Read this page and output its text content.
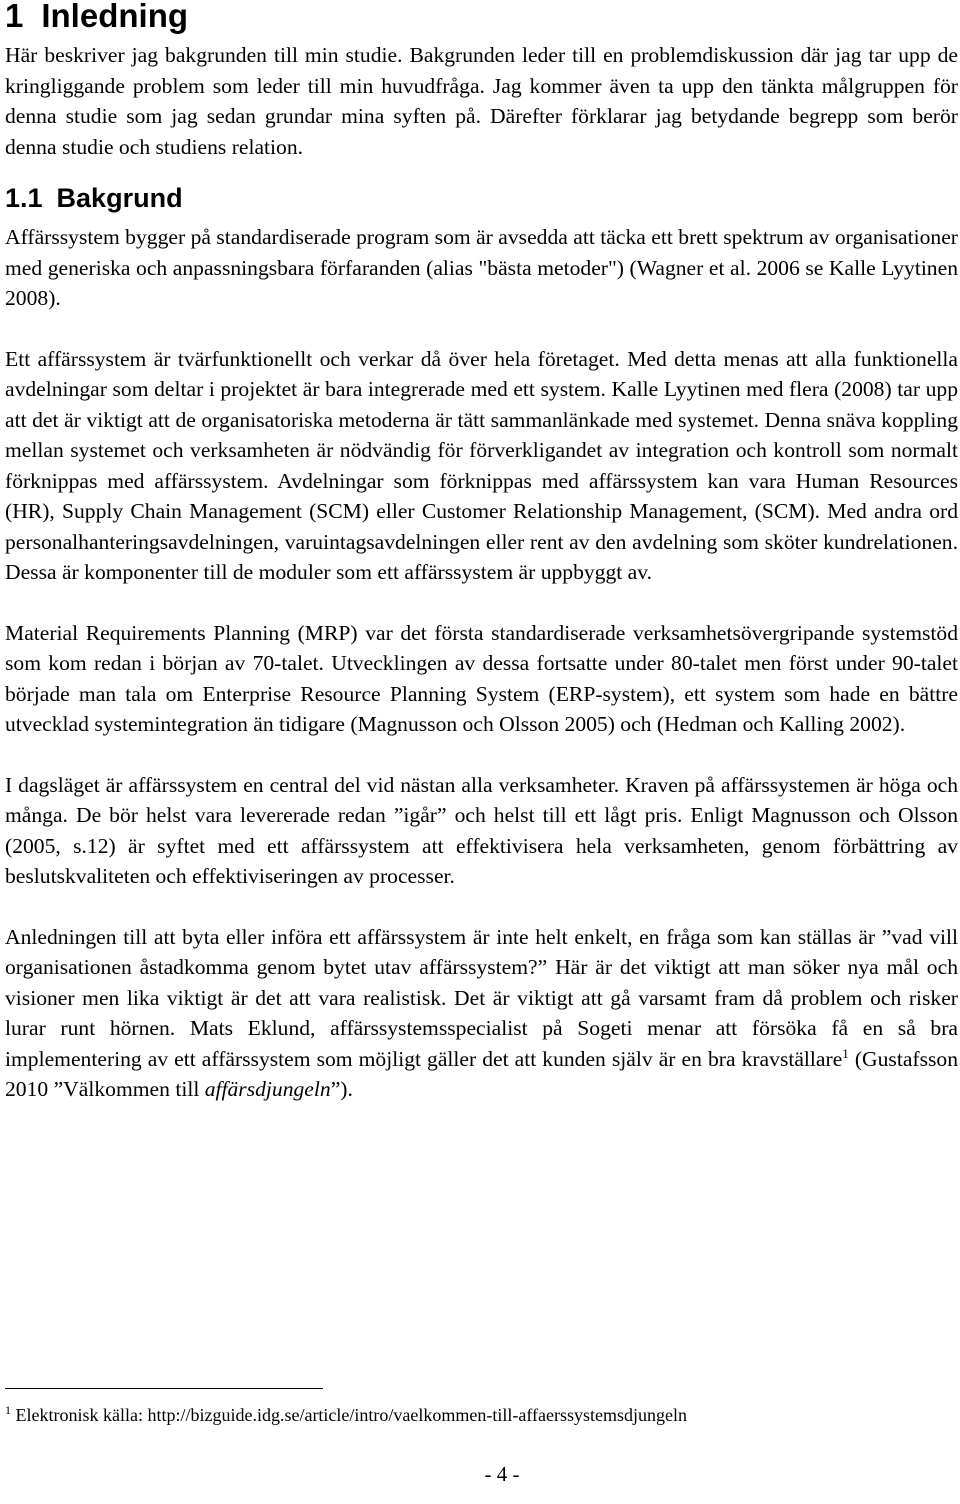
1 Inledning

Här beskriver jag bakgrunden till min studie. Bakgrunden leder till en problemdiskussion där jag tar upp de kringliggande problem som leder till min huvudfråga. Jag kommer även ta upp den tänkta målgruppen för denna studie som jag sedan grundar mina syften på. Därefter förklarar jag betydande begrepp som berör denna studie och studiens relation.

1.1 Bakgrund

Affärssystem bygger på standardiserade program som är avsedda att täcka ett brett spektrum av organisationer med generiska och anpassningsbara förfaranden (alias "bästa metoder") (Wagner et al. 2006 se Kalle Lyytinen 2008).

Ett affärssystem är tvärfunktionellt och verkar då över hela företaget. Med detta menas att alla funktionella avdelningar som deltar i projektet är bara integrerade med ett system. Kalle Lyytinen med flera (2008) tar upp att det är viktigt att de organisatoriska metoderna är tätt sammanlänkade med systemet. Denna snäva koppling mellan systemet och verksamheten är nödvändig för förverkligandet av integration och kontroll som normalt förknippas med affärssystem. Avdelningar som förknippas med affärssystem kan vara Human Resources (HR), Supply Chain Management (SCM) eller Customer Relationship Management, (SCM). Med andra ord personalhanteringsavdelningen, varuintagsavdelningen eller rent av den avdelning som sköter kundrelationen. Dessa är komponenter till de moduler som ett affärssystem är uppbyggt av.

Material Requirements Planning (MRP) var det första standardiserade verksamhetsövergripande systemstöd som kom redan i början av 70-talet. Utvecklingen av dessa fortsatte under 80-talet men först under 90-talet började man tala om Enterprise Resource Planning System (ERP-system), ett system som hade en bättre utvecklad systemintegration än tidigare (Magnusson och Olsson 2005) och (Hedman och Kalling 2002).

I dagsläget är affärssystem en central del vid nästan alla verksamheter. Kraven på affärssystemen är höga och många. De bör helst vara levererade redan ”igår” och helst till ett lågt pris. Enligt Magnusson och Olsson (2005, s.12) är syftet med ett affärssystem att effektivisera hela verksamheten, genom förbättring av beslutskvaliteten och effektiviseringen av processer.

Anledningen till att byta eller införa ett affärssystem är inte helt enkelt, en fråga som kan ställas är ”vad vill organisationen åstadkomma genom bytet utav affärssystem?” Här är det viktigt att man söker nya mål och visioner men lika viktigt är det att vara realistisk. Det är viktigt att gå varsamt fram då problem och risker lurar runt hörnen. Mats Eklund, affärssystemsspecialist på Sogeti menar att försöka få en så bra implementering av ett affärssystem som möjligt gäller det att kunden själv är en bra kravställare$^1$ (Gustafsson 2010 ”Välkommen till affärsdjungeln”).

$^1$ Elektronisk källa: http://bizguide.idg.se/article/intro/vaelkommen-till-affaerssystemsdjungeln
- 4 -
